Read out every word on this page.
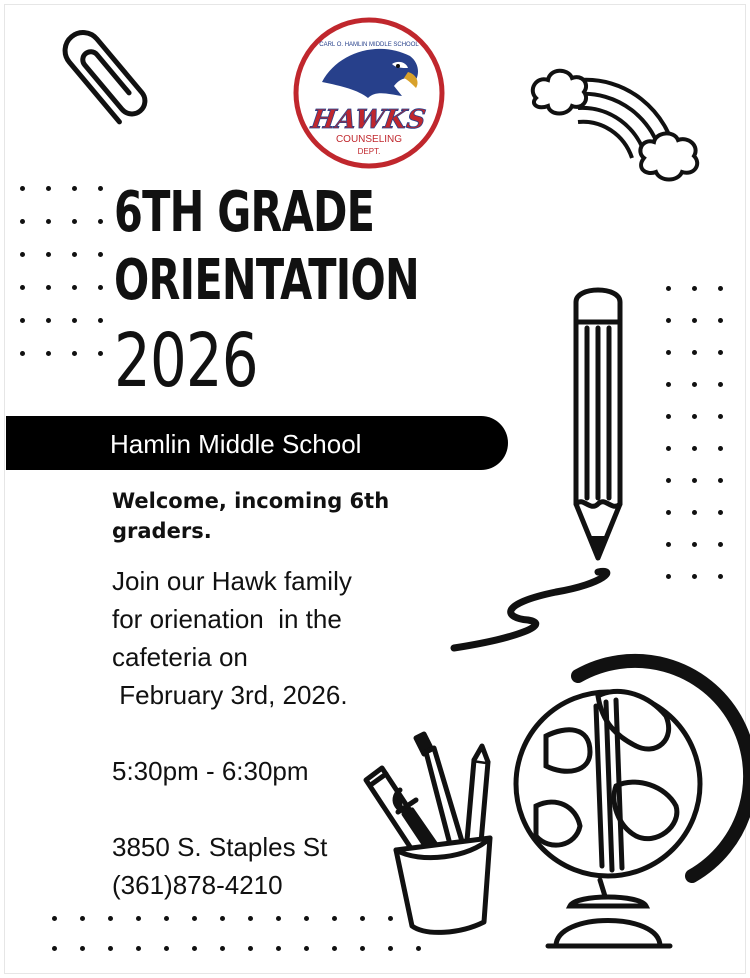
CARL O. HAMLIN MIDDLE SCHOOL
HAWKS
COUNSELING
DEPT.
6TH GRADE
ORIENTATION
2026
Hamlin Middle School

Welcome, incoming 6th graders.

Join our Hawk family
for orienation  in the
cafeteria on
February 3rd, 2026.

5:30pm - 6:30pm

3850 S. Staples St
(361)878-4210
